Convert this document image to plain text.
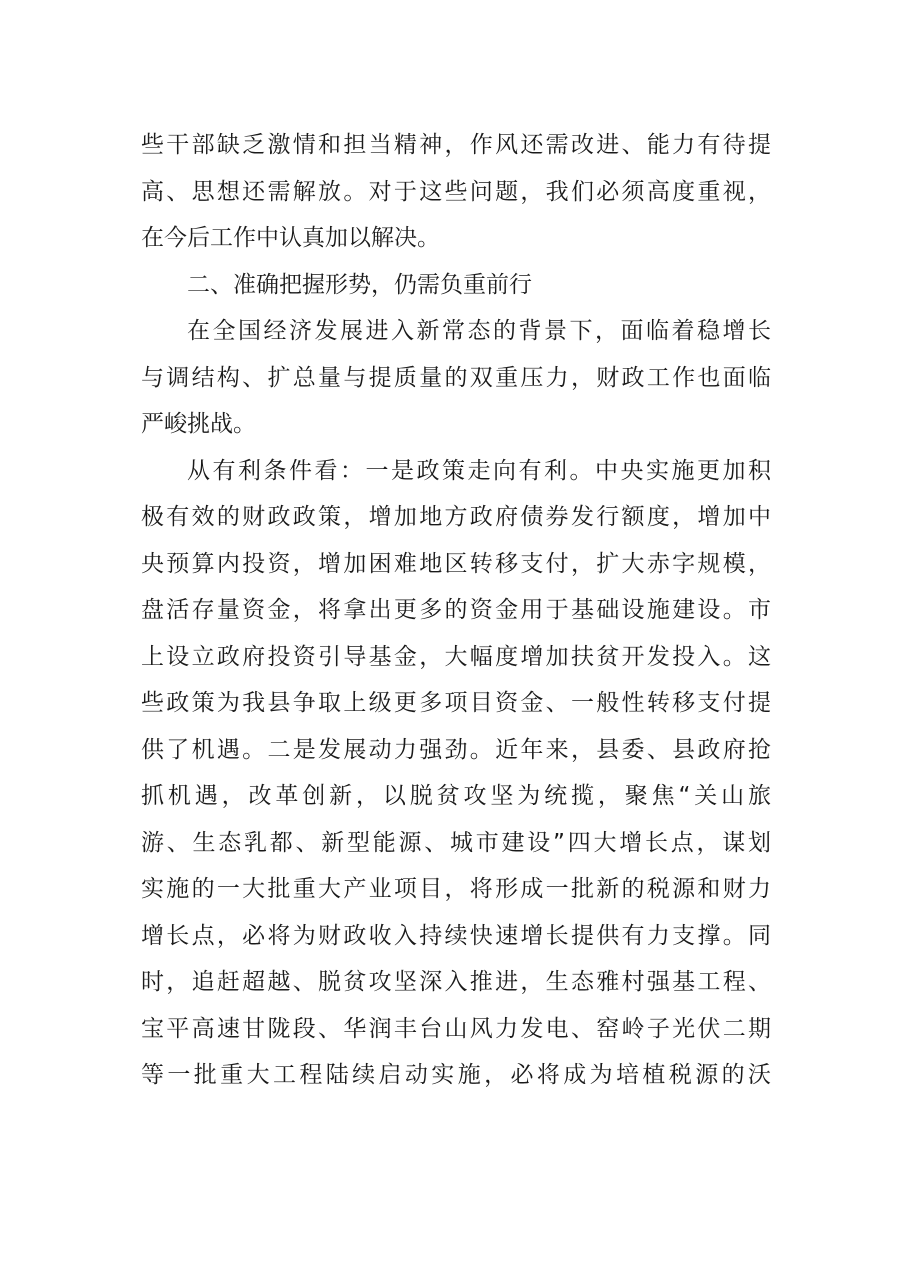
些干部缺乏激情和担当精神，作风还需改进、能力有待提
高、思想还需解放。对于这些问题，我们必须高度重视，
在今后工作中认真加以解决。
二、准确把握形势，仍需负重前行
在全国经济发展进入新常态的背景下，面临着稳增长
与调结构、扩总量与提质量的双重压力，财政工作也面临
严峻挑战。
从有利条件看：一是政策走向有利。中央实施更加积
极有效的财政政策，增加地方政府债券发行额度，增加中
央预算内投资，增加困难地区转移支付，扩大赤字规模，
盘活存量资金，将拿出更多的资金用于基础设施建设。市
上设立政府投资引导基金，大幅度增加扶贫开发投入。这
些政策为我县争取上级更多项目资金、一般性转移支付提
供了机遇。二是发展动力强劲。近年来，县委、县政府抢
抓机遇，改革创新，以脱贫攻坚为统揽，聚焦“关山旅
游、生态乳都、新型能源、城市建设”四大增长点，谋划
实施的一大批重大产业项目，将形成一批新的税源和财力
增长点，必将为财政收入持续快速增长提供有力支撑。同
时，追赶超越、脱贫攻坚深入推进，生态雅村强基工程、
宝平高速甘陇段、华润丰台山风力发电、窑岭子光伏二期
等一批重大工程陆续启动实施，必将成为培植税源的沃
